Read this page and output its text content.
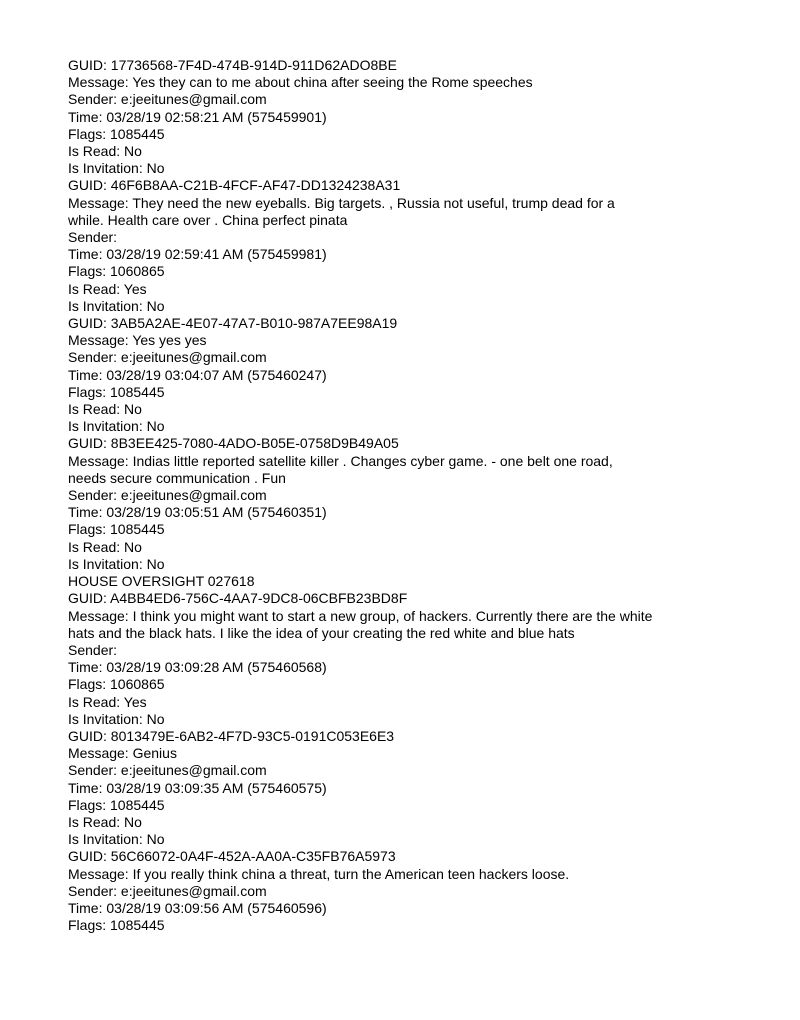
GUID: 17736568-7F4D-474B-914D-911D62ADO8BE
Message: Yes they can to me about china after seeing the Rome speeches
Sender: e:jeeitunes@gmail.com
Time: 03/28/19 02:58:21 AM (575459901)
Flags: 1085445
Is Read: No
Is Invitation: No
GUID: 46F6B8AA-C21B-4FCF-AF47-DD1324238A31
Message: They need the new eyeballs. Big targets. , Russia not useful, trump dead for a while. Health care over . China perfect pinata
Sender:
Time: 03/28/19 02:59:41 AM (575459981)
Flags: 1060865
Is Read: Yes
Is Invitation: No
GUID: 3AB5A2AE-4E07-47A7-B010-987A7EE98A19
Message: Yes yes yes
Sender: e:jeeitunes@gmail.com
Time: 03/28/19 03:04:07 AM (575460247)
Flags: 1085445
Is Read: No
Is Invitation: No
GUID: 8B3EE425-7080-4ADO-B05E-0758D9B49A05
Message: Indias little reported satellite killer . Changes cyber game. - one belt one road, needs secure communication . Fun
Sender: e:jeeitunes@gmail.com
Time: 03/28/19 03:05:51 AM (575460351)
Flags: 1085445
Is Read: No
Is Invitation: No
HOUSE OVERSIGHT 027618
GUID: A4BB4ED6-756C-4AA7-9DC8-06CBFB23BD8F
Message: I think you might want to start a new group, of hackers. Currently there are the white hats and the black hats. I like the idea of your creating the red white and blue hats
Sender:
Time: 03/28/19 03:09:28 AM (575460568)
Flags: 1060865
Is Read: Yes
Is Invitation: No
GUID: 8013479E-6AB2-4F7D-93C5-0191C053E6E3
Message: Genius
Sender: e:jeeitunes@gmail.com
Time: 03/28/19 03:09:35 AM (575460575)
Flags: 1085445
Is Read: No
Is Invitation: No
GUID: 56C66072-0A4F-452A-AA0A-C35FB76A5973
Message: If you really think china a threat, turn the American teen hackers loose.
Sender: e:jeeitunes@gmail.com
Time: 03/28/19 03:09:56 AM (575460596)
Flags: 1085445
